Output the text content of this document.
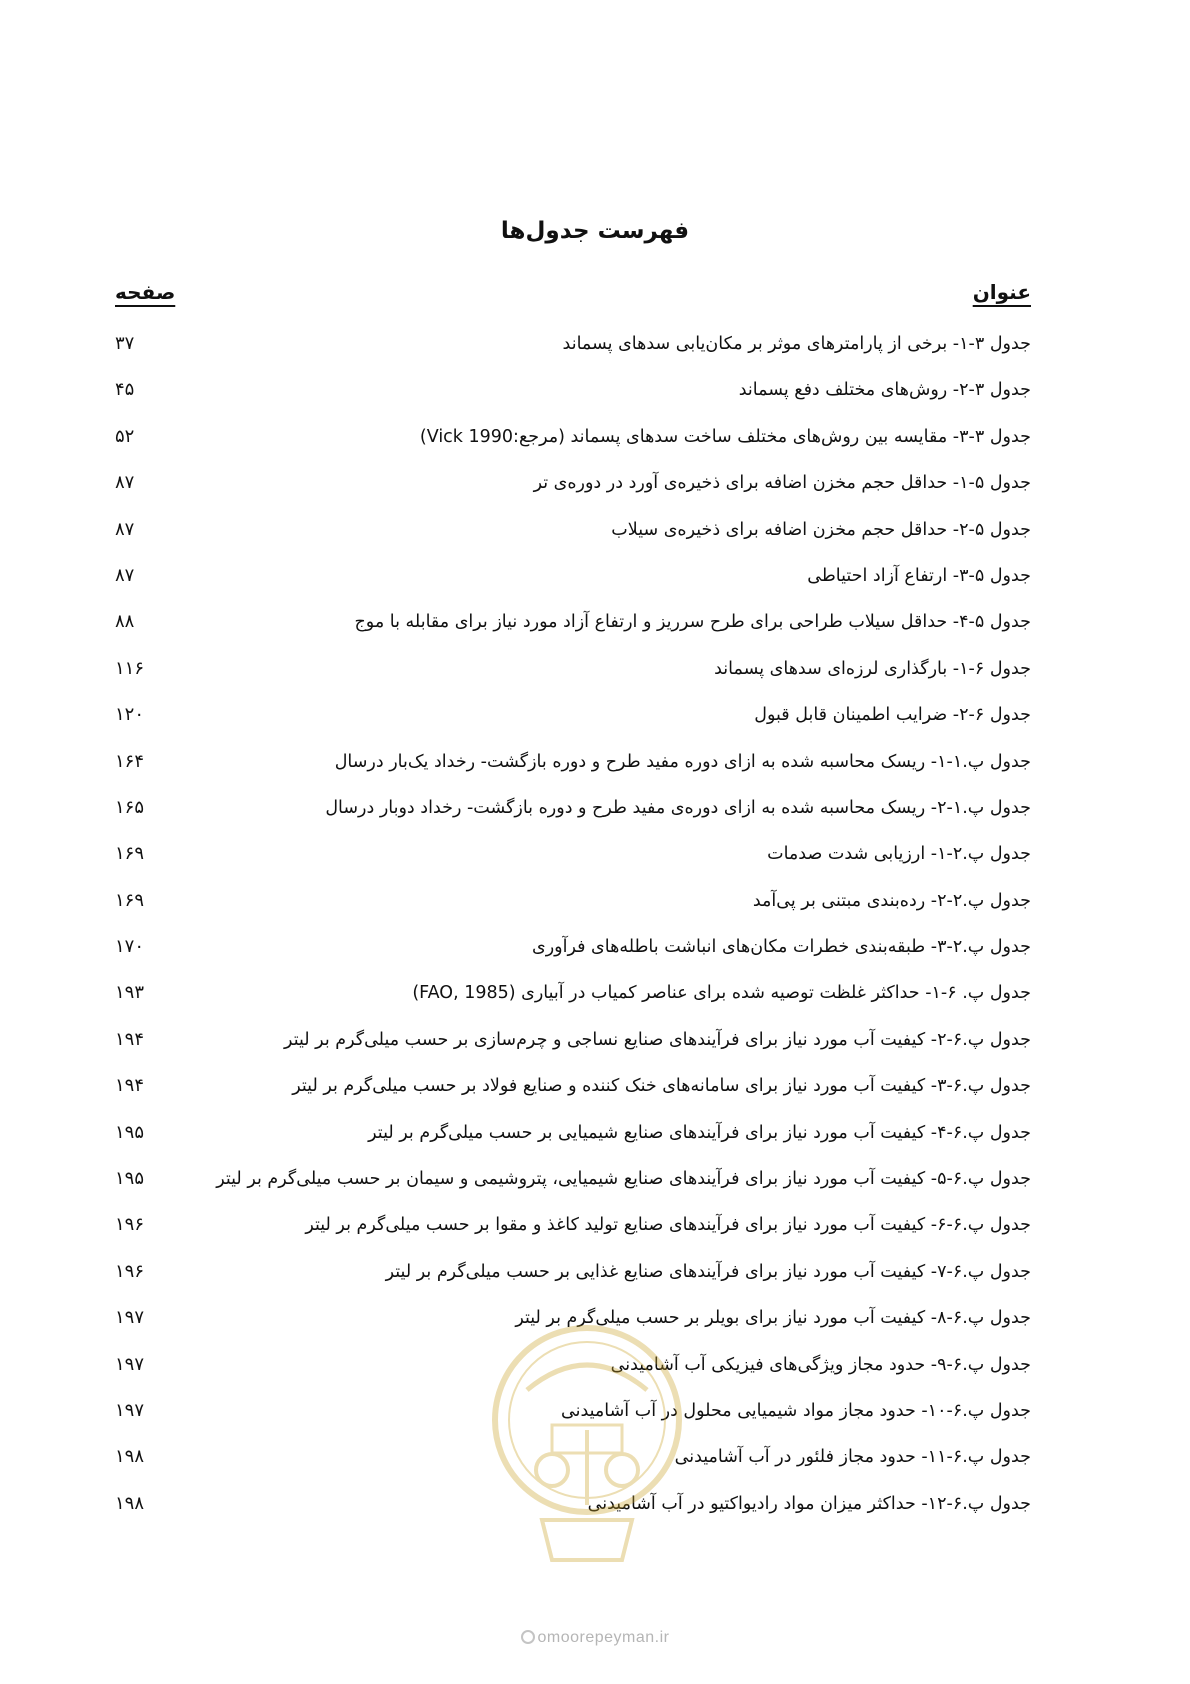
فهرست جدول‌ها
عنوان
صفحه
جدول ۳-۱- برخی از پارامترهای موثر بر مکان‌یابی سدهای پسماند
۳۷
جدول ۳-۲- روش‌های مختلف دفع پسماند
۴۵
جدول ۳-۳- مقایسه بین روش‌های مختلف ساخت سدهای پسماند (مرجع:Vick 1990)
۵۲
جدول ۵-۱- حداقل حجم مخزن اضافه برای ذخیره‌ی آورد در دوره‌ی تر
۸۷
جدول ۵-۲- حداقل حجم مخزن اضافه برای ذخیره‌ی سیلاب
۸۷
جدول ۵-۳- ارتفاع آزاد احتیاطی
۸۷
جدول ۵-۴- حداقل سیلاب طراحی برای طرح سرریز و ارتفاع آزاد مورد نیاز برای مقابله با موج
۸۸
جدول ۶-۱- بارگذاری لرزه‌ای سدهای پسماند
۱۱۶
جدول ۶-۲- ضرایب اطمینان قابل قبول
۱۲۰
جدول پ.۱-۱- ریسک محاسبه شده به ازای دوره مفید طرح و دوره بازگشت- رخداد یک‌بار درسال
۱۶۴
جدول پ.۱-۲- ریسک محاسبه شده به ازای دوره‌ی مفید طرح و دوره بازگشت- رخداد دوبار درسال
۱۶۵
جدول پ.۲-۱- ارزیابی شدت صدمات
۱۶۹
جدول پ.۲-۲- رده‌بندی مبتنی بر پی‌آمد
۱۶۹
جدول پ.۲-۳- طبقه‌بندی خطرات مکان‌های انباشت باطله‌های فرآوری
۱۷۰
جدول پ. ۶-۱- حداکثر غلظت توصیه شده برای عناصر کمیاب در آبیاری (FAO, 1985)
۱۹۳
جدول پ.۶-۲- کیفیت آب مورد نیاز برای فرآیندهای صنایع نساجی و چرم‌سازی بر حسب میلی‌گرم بر لیتر
۱۹۴
جدول پ.۶-۳- کیفیت آب مورد نیاز برای سامانه‌های خنک کننده و صنایع فولاد بر حسب میلی‌گرم بر لیتر
۱۹۴
جدول پ.۶-۴- کیفیت آب مورد نیاز برای فرآیندهای صنایع شیمیایی بر حسب میلی‌گرم بر لیتر
۱۹۵
جدول پ.۶-۵- کیفیت آب مورد نیاز برای فرآیندهای صنایع شیمیایی، پتروشیمی و سیمان بر حسب میلی‌گرم بر لیتر
۱۹۵
جدول پ.۶-۶- کیفیت آب مورد نیاز برای فرآیندهای صنایع تولید کاغذ و مقوا بر حسب میلی‌گرم بر لیتر
۱۹۶
جدول پ.۶-۷- کیفیت آب مورد نیاز برای فرآیندهای صنایع غذایی بر حسب میلی‌گرم بر لیتر
۱۹۶
جدول پ.۶-۸- کیفیت آب مورد نیاز برای بویلر بر حسب میلی‌گرم بر لیتر
۱۹۷
جدول پ.۶-۹- حدود مجاز ویژگی‌های فیزیکی آب آشامیدنی
۱۹۷
جدول پ.۶-۱۰- حدود مجاز مواد شیمیایی محلول در آب آشامیدنی
۱۹۷
جدول پ.۶-۱۱- حدود مجاز فلئور در آب آشامیدنی
۱۹۸
جدول پ.۶-۱۲- حداکثر میزان مواد رادیواکتیو در آب آشامیدنی
۱۹۸
omoorepeyman.ir
